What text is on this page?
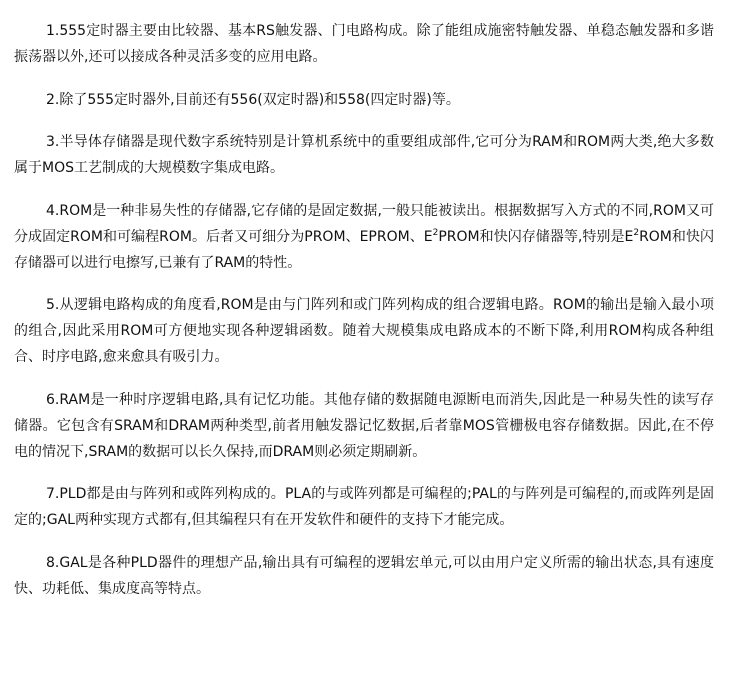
1.555定时器主要由比较器、基本RS触发器、门电路构成。除了能组成施密特触发器、单稳态触发器和多谐振荡器以外,还可以接成各种灵活多变的应用电路。

2.除了555定时器外,目前还有556(双定时器)和558(四定时器)等。

3.半导体存储器是现代数字系统特别是计算机系统中的重要组成部件,它可分为RAM和ROM两大类,绝大多数属于MOS工艺制成的大规模数字集成电路。

4.ROM是一种非易失性的存储器,它存储的是固定数据,一般只能被读出。根据数据写入方式的不同,ROM又可分成固定ROM和可编程ROM。后者又可细分为PROM、EPROM、$E^2PROM$和快闪存储器等,特别是$E^2ROM$和快闪存储器可以进行电擦写,已兼有了RAM的特性。

5.从逻辑电路构成的角度看,ROM是由与门阵列和或门阵列构成的组合逻辑电路。ROM的输出是输入最小项的组合,因此采用ROM可方便地实现各种逻辑函数。随着大规模集成电路成本的不断下降,利用ROM构成各种组合、时序电路,愈来愈具有吸引力。

6.RAM是一种时序逻辑电路,具有记忆功能。其他存储的数据随电源断电而消失,因此是一种易失性的读写存储器。它包含有SRAM和DRAM两种类型,前者用触发器记忆数据,后者靠MOS管栅极电容存储数据。因此,在不停电的情况下,SRAM的数据可以长久保持,而DRAM则必须定期刷新。

7.PLD都是由与阵列和或阵列构成的。PLA的与或阵列都是可编程的;PAL的与阵列是可编程的,而或阵列是固定的;GAL两种实现方式都有,但其编程只有在开发软件和硬件的支持下才能完成。

8.GAL是各种PLD器件的理想产品,输出具有可编程的逻辑宏单元,可以由用户定义所需的输出状态,具有速度快、功耗低、集成度高等特点。
